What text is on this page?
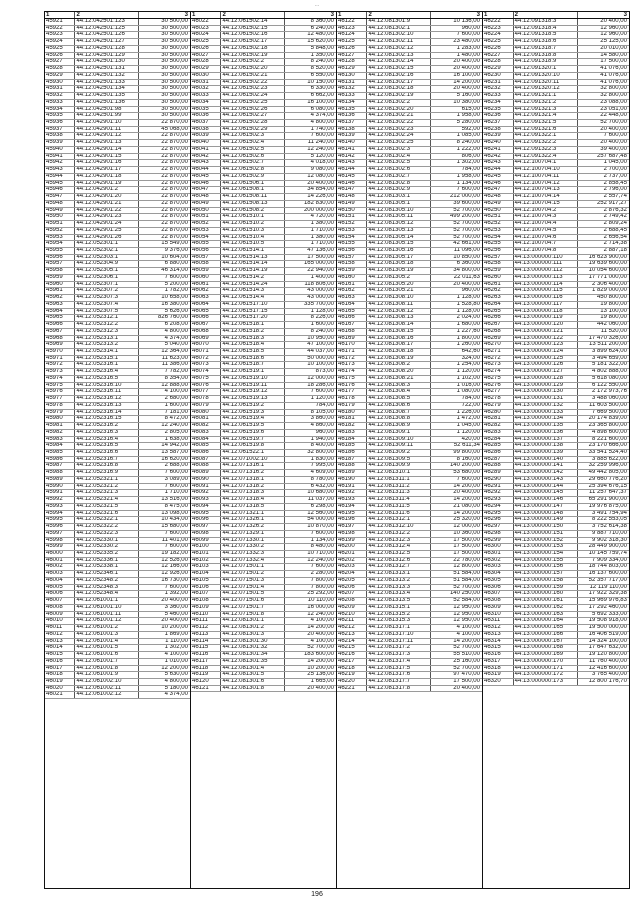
...
1	2	3
45921	44:12:042501:123	30 500,00
45922	44:12:042501:125	30 500,00
45923	44:12:042501:126	30 500,00
45924	44:12:042501:127	30 500,00
45925	44:12:042501:128	30 500,00
45926	44:12:042501:129	30 500,00
45927	44:12:042501:130	30 500,00
45928	44:12:042501:131	30 500,00
45929	44:12:042501:132	30 500,00
45930	44:12:042501:133	30 500,00
45931	44:12:042501:134	30 500,00
45932	44:12:042501:135	30 500,00
45933	44:12:042501:136	30 500,00
45934	44:12:042501:98	30 500,00
45935	44:12:042501:99	30 500,00
45936	44:12:042901:10	22 870,00
45937	44:12:042901:11	45 068,00
45938	44:12:042901:12	22 870,00
45939	44:12:042901:13	22 870,00
45940	44:12:042901:14	22 870,00
45941	44:12:042901:15	22 870,00
45942	44:12:042901:16	22 870,00
45943	44:12:042901:17	22 870,00
45944	44:12:042901:18	22 870,00
45945	44:12:042901:19	22 870,00
45946	44:12:042901:2	22 870,00
45947	44:12:042901:20	22 870,00
45948	44:12:042901:21	22 870,00
45949	44:12:042901:22	22 870,00
45950	44:12:042901:23	22 870,00
45951	44:12:042901:24	22 870,00
45952	44:12:042901:25	22 870,00
45953	44:12:042901:26	22 870,00
45954	44:12:052301:1	15 549,00
45955	44:12:052302:1	9 376,00
45956	44:12:052303:1	10 604,00
45957	44:12:052304:9	6 880,00
45958	44:12:052305:1	46 314,00
45959	44:12:052306:1	7 600,00
45960	44:12:052307:1	5 200,00
45961	44:12:052307:2	1 782,00
45962	44:12:052307:3	10 658,00
45963	44:12:052307:4	16 380,00
45964	44:12:052307:5	5 626,00
45965	44:12:052312:1	826 760,00
45966	44:12:052312:2	6 208,00
45967	44:12:052312:3	4 800,00
45968	44:12:052313:1	4 374,00
45969	44:12:052313:2	5 040,00
45970	44:12:052314:1	12 364,00
45971	44:12:052315:1	11 623,00
45972	44:12:052316:1	11 386,00
45973	44:12:052316:4	7 782,00
45974	44:12:052316:5	8 354,00
45975	44:12:052316:10	12 888,00
45976	44:12:052316:11	4 100,00
45977	44:12:052316:12	2 680,00
45978	44:12:052316:13	1 600,00
45979	44:12:052316:14	7 181,00
45980	44:12:052316:15	8 472,00
45981	44:12:052316:2	12 240,00
45982	44:12:052316:3	2 805,00
45983	44:12:052316:4	1 638,00
45984	44:12:052316:5	14 942,00
45985	44:12:052316:6	13 587,00
45986	44:12:052316:7	16 620,00
45987	44:12:052316:8	2 688,00
45988	44:12:052316:9	7 600,00
45989	44:12:052321:1	3 089,00
45990	44:12:052321:2	7 600,00
45991	44:12:052321:3	1 710,00
45992	44:12:052321:4	13 516,00
45993	44:12:052321:5	8 475,00
45994	44:12:052321:6	13 098,00
45995	44:12:052322:1	10 434,00
45996	44:12:052322:2	15 680,00
45997	44:12:052322:3	7 600,00
45998	44:12:052330:1	11 401,00
45999	44:12:052330:2	7 600,00
46000	44:12:052335:2	19 182,00
46001	44:12:052336:1	12 526,00
46002	44:12:052338:1	12 166,00
46003	44:12:052346:1	12 926,00
46004	44:12:052348:2	16 730,00
46005	44:12:052348:3	7 600,00
46006	44:12:052348:4	1 392,00
46007	44:12:061001:1	20 400,00
46008	44:12:061001:10	3 360,00
46009	44:12:061001:11	5 460,00
46010	44:12:061001:12	20 400,00
46011	44:12:061001:2	10 200,00
46012	44:12:061001:3	1 869,00
46013	44:12:061001:4	1 110,00
46014	44:12:061001:5	1 302,00
46015	44:12:061001:6	4 100,00
46016	44:12:061001:7	1 010,00
46017	44:12:061001:8	12 200,00
46018	44:12:061001:9	5 630,00
46019	44:12:061002:10	4 800,00
46020	44:12:061002:11	5 180,00
46021	44:12:061002:12	4 374,00
1	2	3
46022	44:12:061502:14	8 360,00
46023	44:12:061502:15	6 240,00
46024	44:12:061502:16	12 480,00
46025	44:12:061502:17	15 620,00
46026	44:12:061502:18	5 848,00
46027	44:12:061502:19	1 350,00
46028	44:12:061502:2	8 240,00
46029	44:12:061502:20	8 520,00
46030	44:12:061502:21	6 550,00
46031	44:12:061502:22	10 150,00
46032	44:12:061502:23	6 330,00
46033	44:12:061502:24	6 662,00
46034	44:12:061502:25	16 100,00
46035	44:12:061502:26	6 080,00
46036	44:12:061502:27	4 374,00
46037	44:12:061502:28	4 800,00
46038	44:12:061502:29	1 740,00
46039	44:12:061502:3	7 600,00
46040	44:12:061502:4	11 240,00
46041	44:12:061502:5	12 240,00
46042	44:12:061502:6	5 120,00
46043	44:12:061502:7	4 018,00
46044	44:12:061502:8	9 080,00
46045	44:12:061502:9	12 080,00
46046	44:12:061506:1	20 400,00
46047	44:12:061508:1	34 854,00
46048	44:12:061508:11	14 226,00
46049	44:12:061508:13	182 830,00
46050	44:12:061508:2	200 000,00
46051	44:12:061510:1	4 720,00
46052	44:12:061510:2	1 380,00
46053	44:12:061510:3	1 710,00
46054	44:12:061510:4	1 380,00
46055	44:12:061510:5	1 710,00
46056	44:12:061514:1	47 136,00
46057	44:12:061514:13	17 500,00
46058	44:12:061514:14	165 000,00
46059	44:12:061514:19	22 940,00
46060	44:12:061514:2	1 400,00
46061	44:12:061514:24	118 806,00
46062	44:12:061514:3	43 000,00
46063	44:12:061514:4	43 000,00
46064	44:12:061517:10	335 700,00
46065	44:12:061517:15	1 128,00
46066	44:12:061517:20	8 226,00
46067	44:12:061518:1	1 600,00
46068	44:12:061518:2	8 240,00
46069	44:12:061518:3	10 950,00
46070	44:12:061518:4	47 100,00
46071	44:12:061518:5	44 037,00
46072	44:12:061518:6	50 000,00
46073	44:12:061518:7	10 100,00
46074	44:12:061519:1	873,00
46075	44:12:061519:10	12 000,00
46076	44:12:061519:11	18 286,00
46077	44:12:061519:12	7 600,00
46078	44:12:061519:13	1 120,00
46079	44:12:061519:2	784,00
46080	44:12:061519:3	8 105,00
46081	44:12:061519:4	3 860,00
46082	44:12:061519:5	4 860,00
46083	44:12:061519:6	960,00
46084	44:12:061519:7	1 940,00
46085	44:12:061519:8	8 400,00
46086	44:12:061522:1	32 800,00
46087	44:12:071002:10	1 830,00
46088	44:12:071316:1	7 995,00
46089	44:12:071316:2	4 609,00
46090	44:12:071318:1	8 780,00
46091	44:12:071318:2	6 432,00
46092	44:12:071318:3	10 680,00
46093	44:12:071318:4	11 037,00
46094	44:12:071318:5	6 298,00
46095	44:12:071321:1	12 560,00
46096	44:12:071326:1	54 000,00
46097	44:12:071326:2	10 870,00
46098	44:12:071329:1	7 600,00
46099	44:12:071330:1	1 134,00
46100	44:12:071330:2	8 480,00
46101	44:12:071332:3	10 710,00
46102	44:12:071332:4	12 240,00
46103	44:12:071501:1	7 600,00
46104	44:12:071501:2	2 280,00
46105	44:12:071501:3	7 800,00
46106	44:12:071501:4	7 800,00
46107	44:12:071501:5	25 292,00
46108	44:12:071501:6	10 110,00
46109	44:12:071501:7	16 000,00
46110	44:12:071501:8	12 240,00
46111	44:12:081301:1	4 100,00
46112	44:12:081301:2	14 200,00
46113	44:12:081301:3	20 400,00
46114	44:12:081301:30	4 100,00
46115	44:12:081301:32	52 700,00
46116	44:12:081301:34	183 600,00
46117	44:12:081301:35	14 200,00
46118	44:12:081301:4	10 200,00
46119	44:12:081301:5	25 136,00
46120	44:12:081301:6	1 665,00
46121	44:12:081301:8	20 400,00
1	2	3
46122	44:12:081301:9	10 136,00
46123	44:12:081302:1	960,00
46124	44:12:081302:10	7 600,00
46125	44:12:081302:11	23 480,00
46126	44:12:081302:12	1 283,00
46127	44:12:081302:13	1 480,00
46128	44:12:081302:14	20 400,00
46129	44:12:081302:15	20 400,00
46130	44:12:081302:16	16 100,00
46131	44:12:081302:17	14 200,00
46132	44:12:081302:18	20 400,00
46133	44:12:081302:19	5 160,00
46134	44:12:081302:2	10 380,00
46135	44:12:081302:20	615,00
46136	44:12:081302:21	1 958,00
46137	44:12:081302:22	5 280,00
46138	44:12:081302:23	592,00
46139	44:12:081302:24	1 085,00
46140	44:12:081302:25	8 240,00
46141	44:12:081302:3	1 222,00
46142	44:12:081302:4	806,00
46143	44:12:081302:5	1 302,00
46144	44:12:081302:6	784,00
46145	44:12:081302:7	1 958,00
46146	44:12:081302:8	1 134,00
46147	44:12:081302:9	7 600,00
46148	44:12:081303:1	212 000,00
46149	44:12:081305:1	39 600,00
46150	44:12:081305:10	52 700,00
46151	44:12:081305:11	499 200,00
46152	44:12:081305:12	52 700,00
46153	44:12:081305:13	52 700,00
46154	44:12:081305:14	52 700,00
46155	44:12:081305:15	42 661,00
46156	44:12:081305:16	11 096,00
46157	44:12:081305:17	10 850,00
46158	44:12:081305:18	6 360,00
46159	44:12:081305:19	34 800,00
46160	44:12:081305:2	22 011,63
46161	44:12:081305:20	20 400,00
46162	44:12:081305:21	960,00
46163	44:12:081308:10	1 128,00
46164	44:12:081308:11	1 528,80
46165	44:12:081308:12	1 128,00
46166	44:12:081308:13	2 024,00
46167	44:12:081308:14	1 680,00
46168	44:12:081308:15	1 227,60
46169	44:12:081308:16	1 800,00
46170	44:12:081308:17	1 260,00
46171	44:12:081308:18	642,60
46172	44:12:081308:19	324,00
46173	44:12:081308:2	1 254,00
46174	44:12:081308:20	1 120,00
46175	44:12:081308:21	1 102,00
46176	44:12:081308:3	1 016,00
46177	44:12:081308:4	1 080,00
46178	44:12:081308:5	784,00
46179	44:12:081308:6	722,00
46180	44:12:081308:7	1 226,00
46181	44:12:081308:8	1 472,00
46182	44:12:081308:9	1 045,00
46183	44:12:081309:1	1 120,00
46184	44:12:081309:10	420,00
46185	44:12:081309:11	52 611,34
46186	44:12:081309:2	99 800,00
46187	44:12:081309:5	8 160,00
46188	44:12:081309:9	140 200,00
46189	44:12:081310:1	53 680,00
46190	44:12:081311:1	7 600,00
46191	44:12:081311:2	14 200,00
46192	44:12:081311:3	20 400,00
46193	44:12:081311:4	14 200,00
46194	44:12:081311:5	21 080,00
46195	44:12:081311:6	14 200,00
46196	44:12:081312:1	25 320,00
46197	44:12:081312:10	12 000,00
46198	44:12:081312:2	10 360,00
46199	44:12:081312:3	17 500,00
46200	44:12:081312:4	17 500,00
46201	44:12:081312:5	17 500,00
46202	44:12:081312:6	22 780,00
46203	44:12:081312:7	12 800,00
46204	44:12:081313:1	51 584,00
46205	44:12:081313:2	51 584,00
46206	44:12:081313:3	52 700,00
46207	44:12:081313:4	140 250,00
46208	44:12:081313:5	52 584,00
46209	44:12:081315:1	12 950,00
46210	44:12:081315:2	12 950,00
46211	44:12:081315:3	12 950,00
46212	44:12:081317:1	4 100,00
46213	44:12:081317:10	4 100,00
46214	44:12:081317:11	14 200,00
46215	44:12:081317:2	52 700,00
46216	44:12:081317:3	55 510,00
46217	44:12:081317:4	25 160,00
46218	44:12:081317:5	52 700,00
46219	44:12:081317:6	97 470,00
46220	44:12:081317:7	17 500,00
46221	44:12:081317:8	20 400,00
1	2	3
46222	44:12:091318:3	20 400,00
46223	44:12:091318:4	12 960,00
46224	44:12:091318:5	12 960,00
46225	44:12:091318:6	25 125,00
46226	44:12:091318:7	20 010,00
46227	44:12:091318:8	14 580,00
46228	44:12:091318:9	17 500,00
46229	44:12:091320:1	41 076,00
46230	44:12:091320:10	41 076,00
46231	44:12:091320:11	41 076,00
46232	44:12:091320:12	32 800,00
46233	44:12:091321:1	32 800,00
46234	44:12:091321:2	23 088,00
46235	44:12:091321:3	23 051,00
46236	44:12:091321:4	22 448,00
46237	44:12:091321:5	52 700,00
46238	44:12:091321:6	20 400,00
46239	44:12:091322:1	7 600,00
46240	44:12:091322:2	20 400,00
46241	44:12:091322:3	39 400,00
46242	44:12:091322:4	257 687,48
46243	44:12:100704:1	1 045,00
46244	44:12:100704:10	2 700,00
46245	44:12:100704:11	2 737,00
46246	44:12:100704:12	2 858,45
46247	44:12:100704:13	2 796,00
46248	44:12:100704:14	2 557,74
46249	44:12:100704:15	252 917,27
46250	44:12:100704:2	2 876,32
46251	44:12:100704:3	2 749,42
46252	44:12:100704:4	2 809,24
46253	44:12:100704:5	2 688,45
46254	44:12:100704:6	2 656,54
46255	44:12:100704:7	2 714,38
46256	44:12:100704:8	2 887,18
46257	44:13:000000:110	16 623 900,00
46258	44:13:000000:111	19 639 600,00
46259	44:13:000000:112	10 054 600,00
46260	44:13:000000:113	17 771 000,00
46261	44:13:000000:114	2 306 400,00
46262	44:13:000000:115	1 829 000,00
46263	44:13:000000:116	450 800,00
46264	44:13:000000:117	19 800,00
46265	44:13:000000:118	13 100,00
46266	44:13:000000:119	19 800,00
46267	44:13:000000:120	442 060,00
46268	44:13:000000:121	11 520,00
46269	44:13:000000:122	17 470 326,00
46270	44:13:000000:123	13 511 200,00
46271	44:13:000000:124	3 899 624,00
46272	44:13:000000:125	3 494 659,00
46273	44:13:000000:126	5 181 322,00
46274	44:13:000000:127	4 802 888,00
46275	44:13:000000:128	5 618 080,00
46276	44:13:000000:129	6 122 550,00
46277	44:13:000000:130	2 172 973,76
46278	44:13:000000:131	3 488 060,00
46279	44:13:000000:132	11 603 500,00
46280	44:13:000000:133	7 669 500,00
46281	44:13:000000:134	20 174 839,00
46282	44:13:000000:135	23 365 800,00
46283	44:13:000000:136	4 898 600,00
46284	44:13:000000:137	8 221 600,00
46285	44:13:000000:138	23 170 666,00
46286	44:13:000000:139	33 541 524,40
46287	44:13:000000:140	3 885 622,00
46288	44:13:000000:141	32 259 996,00
46289	44:13:000000:142	49 442 805,00
46290	44:13:000000:143	29 660 776,20
46291	44:13:000000:144	25 394 676,15
46292	44:13:000000:145	11 257 647,37
46293	44:13:000000:146	65 291 900,00
46294	44:13:000000:147	19 976 875,00
46295	44:13:000000:148	3 491 754,94
46296	44:13:000000:149	8 222 553,05
46297	44:13:000000:150	3 752 614,38
46298	44:13:000000:151	9 887 710,00
46299	44:13:000000:152	9 902 318,30
46300	44:13:000000:153	28 449 900,00
46301	44:13:000000:154	10 145 759,74
46302	44:13:000000:155	7 909 334,00
46303	44:13:000000:156	18 744 803,00
46304	44:13:000000:157	16 137 600,00
46305	44:13:000000:158	52 357 717,00
46306	44:13:000000:159	12 119 110,00
46307	44:13:000000:160	17 922 329,38
46308	44:13:000000:161	15 969 976,83
46309	44:13:000000:162	17 292 460,00
46310	44:13:000000:163	5 692 333,00
46311	44:13:000000:164	19 508 918,00
46312	44:13:000000:165	19 500 000,00
46313	44:13:000000:166	16 406 519,00
46314	44:13:000000:167	14 324 100,00
46315	44:13:000000:168	17 647 632,00
46316	44:13:000000:169	19 120 800,00
46317	44:13:000000:170	11 760 400,00
46318	44:13:000000:171	12 416 600,00
46319	44:13:000000:172	3 765 400,00
46320	44:13:000000:173	12 800 176,70
196
